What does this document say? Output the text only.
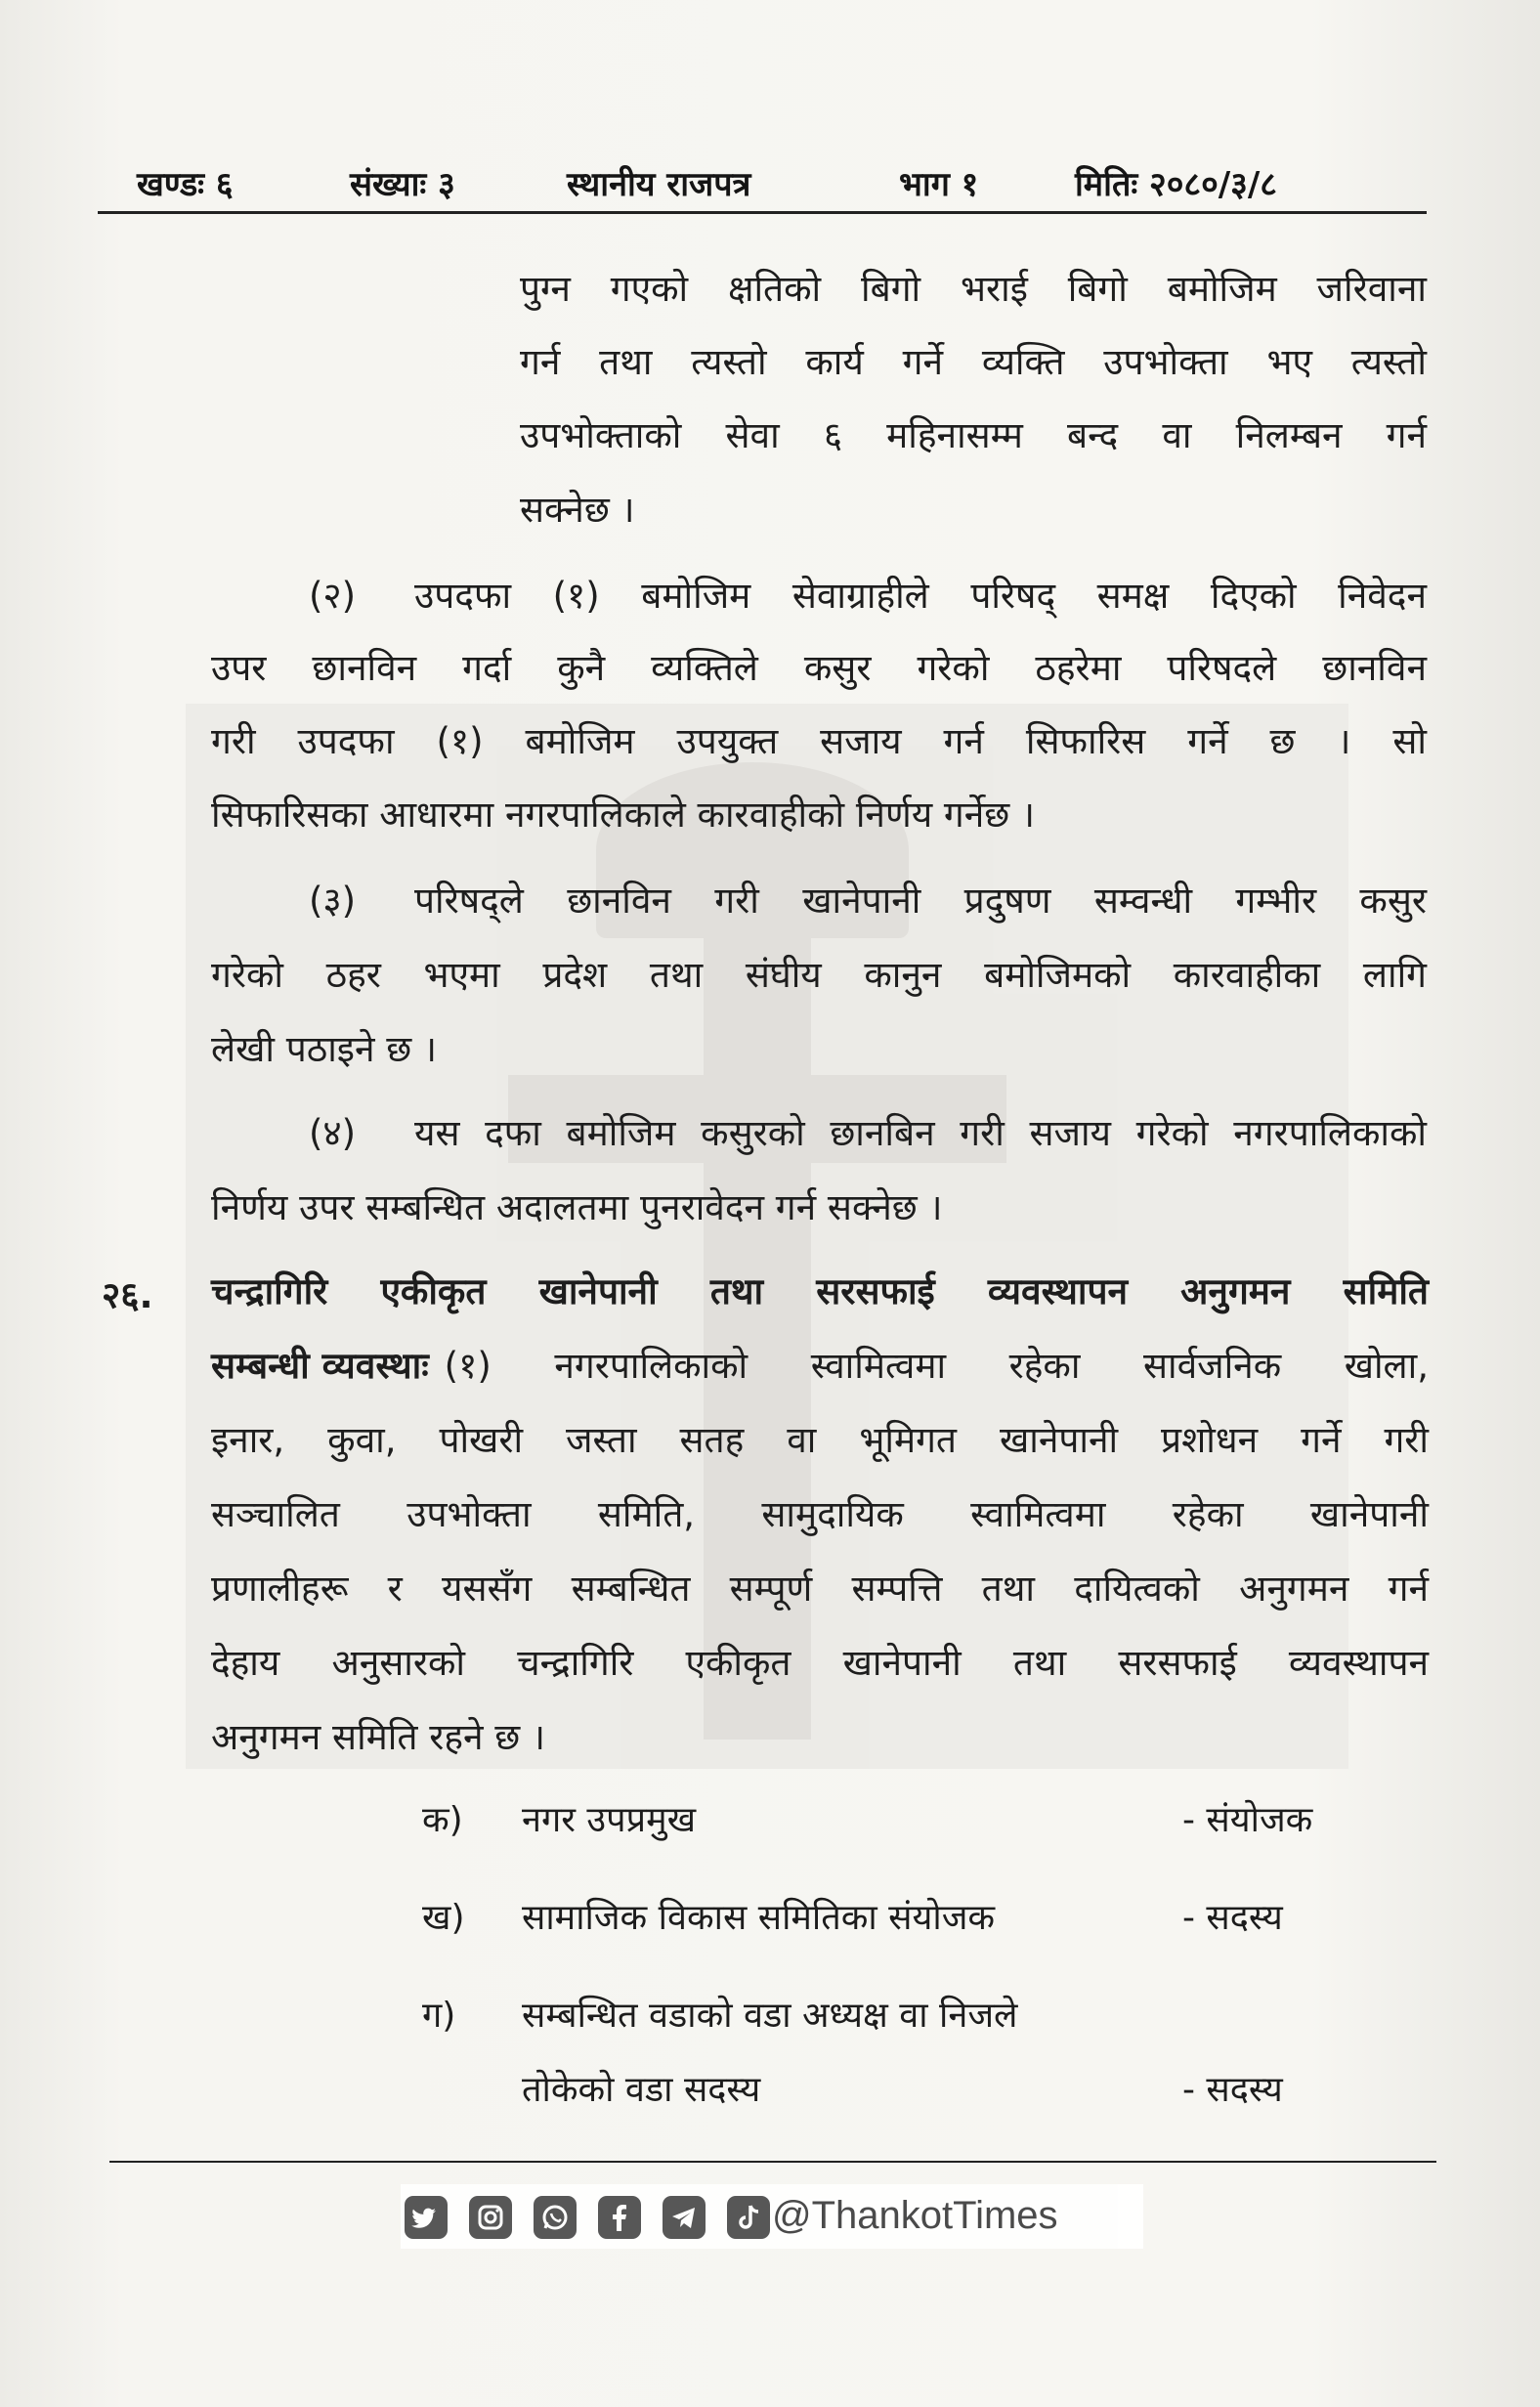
खण्डः ६	संख्याः ३	स्थानीय राजपत्र	भाग १	मितिः २०८०/३/८
पुग्न गएको क्षतिको बिगो भराई बिगो बमोजिम जरिवाना
गर्न तथा त्यस्तो कार्य गर्ने व्यक्ति उपभोक्ता भए त्यस्तो
उपभोक्ताको सेवा ६ महिनासम्म बन्द वा निलम्बन गर्न
सक्नेछ ।
(२) उपदफा (१) बमोजिम सेवाग्राहीले परिषद् समक्ष दिएको निवेदन
उपर छानविन गर्दा कुनै व्यक्तिले कसुर गरेको ठहरेमा परिषदले छानविन
गरी उपदफा (१) बमोजिम उपयुक्त सजाय गर्न सिफारिस गर्ने छ । सो
सिफारिसका आधारमा नगरपालिकाले कारवाहीको निर्णय गर्नेछ ।
(३) परिषद्ले छानविन गरी खानेपानी प्रदुषण सम्वन्धी गम्भीर कसुर
गरेको ठहर भएमा प्रदेश तथा संघीय कानुन बमोजिमको कारवाहीका लागि
लेखी पठाइने छ ।
(४) यस दफा बमोजिम कसुरको छानबिन गरी सजाय गरेको नगरपालिकाको
निर्णय उपर सम्बन्धित अदालतमा पुनरावेदन गर्न सक्नेछ ।
२६. चन्द्रागिरि एकीकृत खानेपानी तथा सरसफाई व्यवस्थापन अनुगमन समिति
सम्बन्धी व्यवस्थाः (१) नगरपालिकाको स्वामित्वमा रहेका सार्वजनिक खोला,
इनार, कुवा, पोखरी जस्ता सतह वा भूमिगत खानेपानी प्रशोधन गर्ने गरी
सञ्चालित उपभोक्ता समिति, सामुदायिक स्वामित्वमा रहेका खानेपानी
प्रणालीहरू र यससँग सम्बन्धित सम्पूर्ण सम्पत्ति तथा दायित्वको अनुगमन गर्न
देहाय अनुसारको चन्द्रागिरि एकीकृत खानेपानी तथा सरसफाई व्यवस्थापन
अनुगमन समिति रहने छ ।
क) नगर उपप्रमुख	- संयोजक
ख) सामाजिक विकास समितिका संयोजक	- सदस्य
ग) सम्बन्धित वडाको वडा अध्यक्ष वा निजले
तोकेको वडा सदस्य	- सदस्य
@ThankotTimes
